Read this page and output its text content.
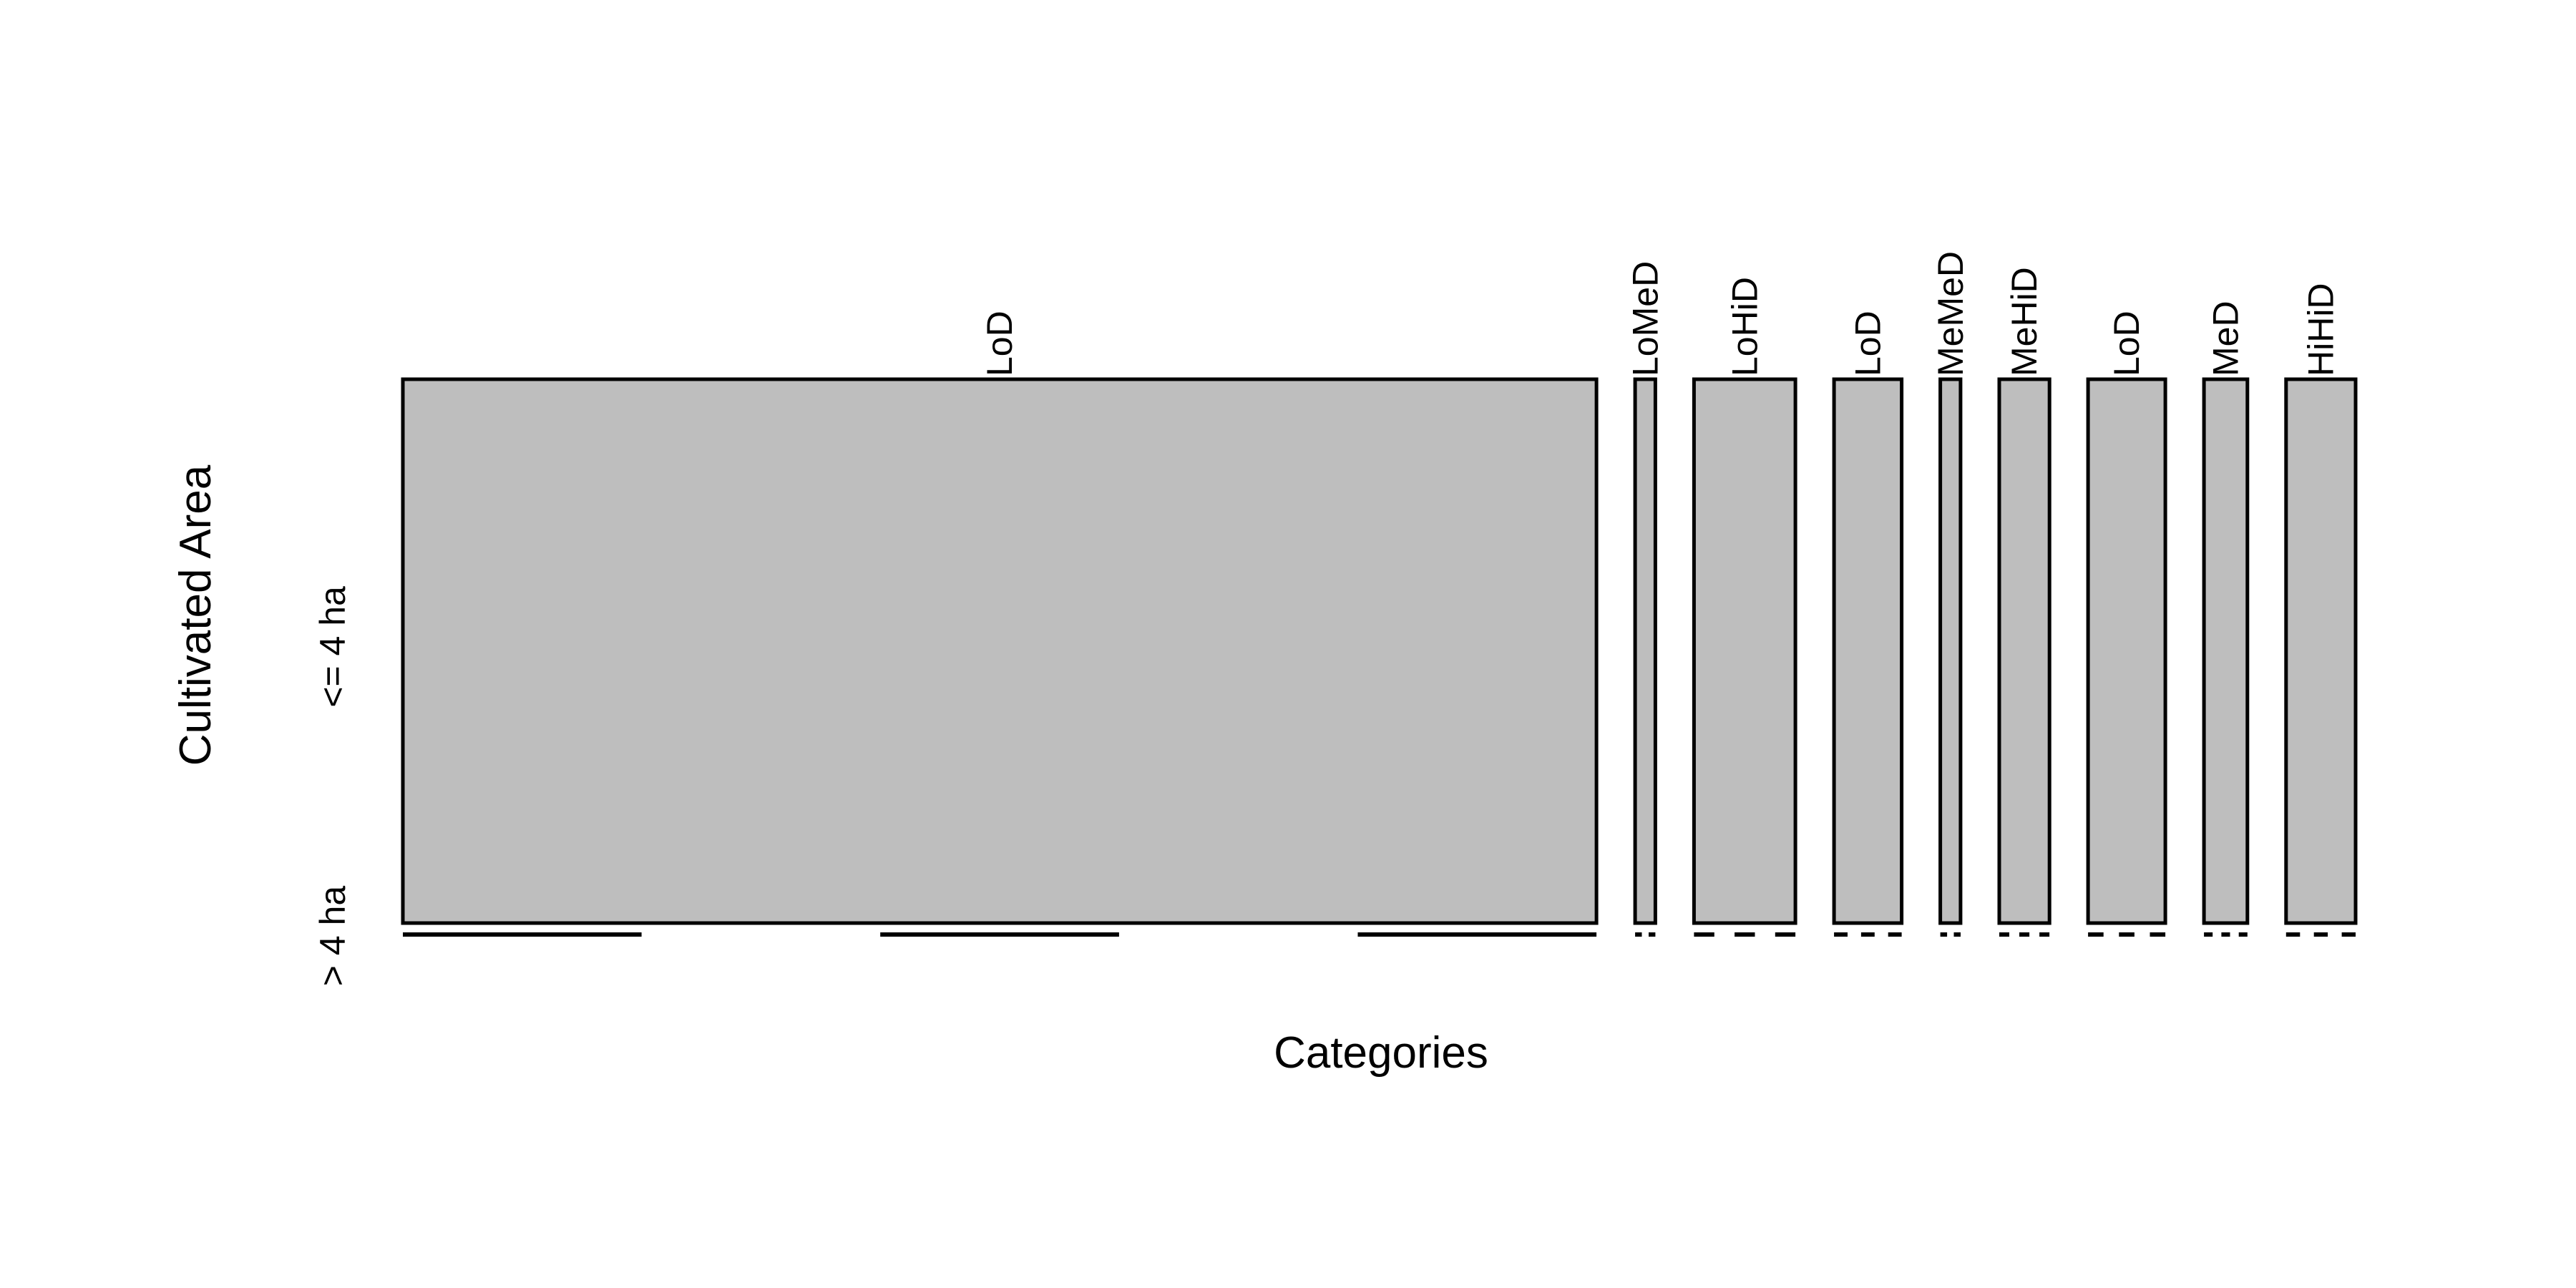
LoD	LoMeD LoHiD LoD MeMeD MeHiD LoD MeD HiHiD
<= 4 ha
> 4 ha
Cultivated Area
Categories
